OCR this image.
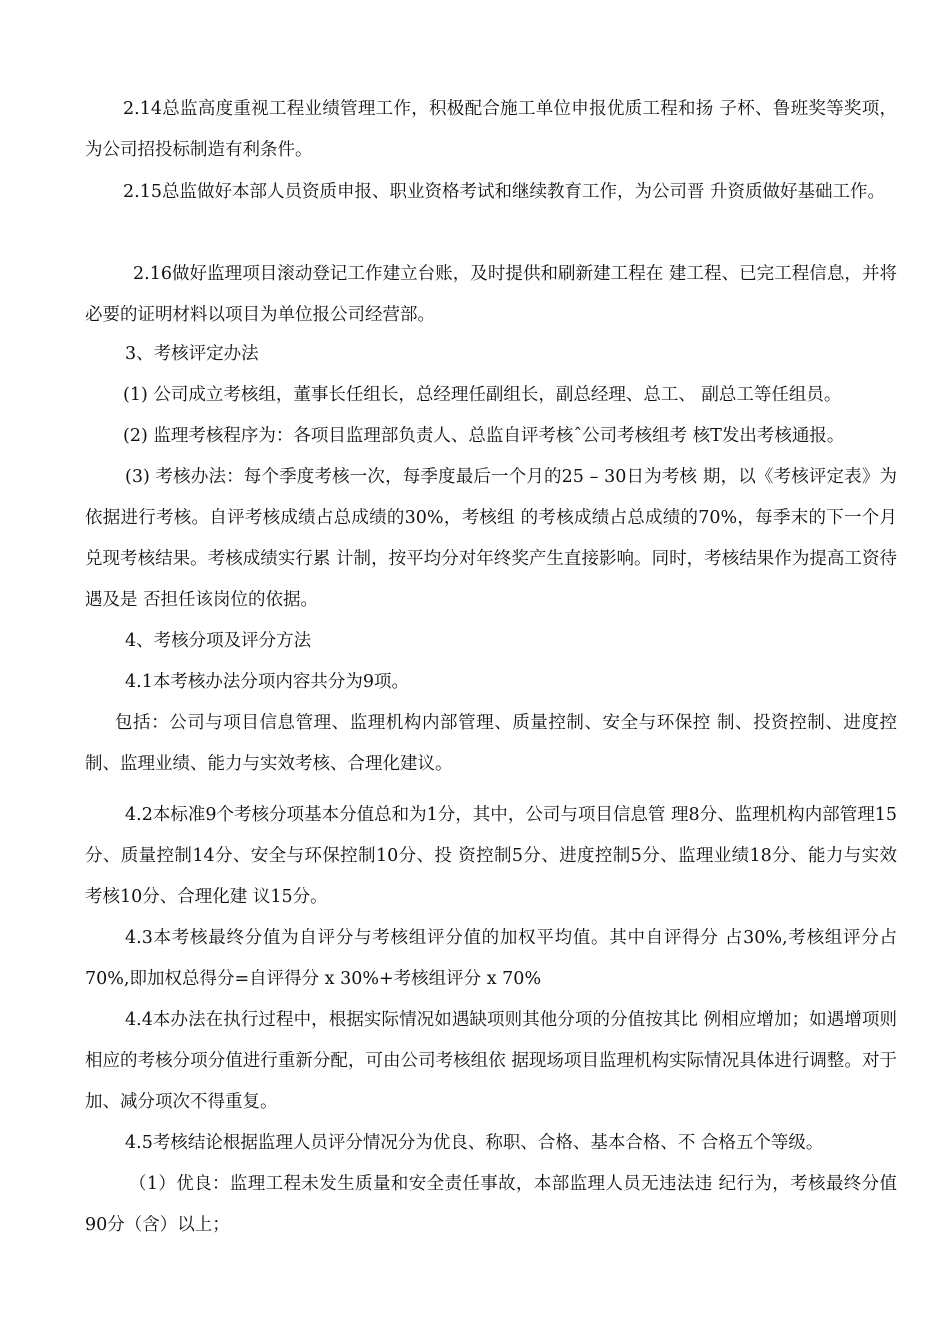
2.14总监高度重视工程业绩管理工作，积极配合施工单位申报优质工程和扬 子杯、鲁班奖等奖项，为公司招投标制造有利条件。

2.15总监做好本部人员资质申报、职业资格考试和继续教育工作，为公司晋 升资质做好基础工作。

2.16做好监理项目滚动登记工作建立台账，及时提供和刷新建工程在 建工程、已完工程信息，并将必要的证明材料以项目为单位报公司经营部。

3、考核评定办法

(1) 公司成立考核组，董事长任组长，总经理任副组长，副总经理、总工、 副总工等任组员。

(2) 监理考核程序为：各项目监理部负责人、总监自评考核ˆ公司考核组考 核T发出考核通报。

(3) 考核办法：每个季度考核一次，每季度最后一个月的25 – 30日为考核 期，以《考核评定表》为依据进行考核。自评考核成绩占总成绩的30%，考核组 的考核成绩占总成绩的70%，每季末的下一个月兑现考核结果。考核成绩实行累 计制，按平均分对年终奖产生直接影响。同时，考核结果作为提高工资待遇及是 否担任该岗位的依据。

4、考核分项及评分方法

4.1本考核办法分项内容共分为9项。

包括：公司与项目信息管理、监理机构内部管理、质量控制、安全与环保控 制、投资控制、进度控制、监理业绩、能力与实效考核、合理化建议。

4.2本标准9个考核分项基本分值总和为1分，其中，公司与项目信息管 理8分、监理机构内部管理15分、质量控制14分、安全与环保控制10分、投 资控制5分、进度控制5分、监理业绩18分、能力与实效考核10分、合理化建 议15分。

4.3本考核最终分值为自评分与考核组评分值的加权平均值。其中自评得分 占30%,考核组评分占70%,即加权总得分=自评得分 x 30%+考核组评分 x 70%

4.4本办法在执行过程中，根据实际情况如遇缺项则其他分项的分值按其比 例相应增加；如遇增项则相应的考核分项分值进行重新分配，可由公司考核组依 据现场项目监理机构实际情况具体进行调整。对于加、减分项次不得重复。

4.5考核结论根据监理人员评分情况分为优良、称职、合格、基本合格、不 合格五个等级。

（1）优良：监理工程未发生质量和安全责任事故，本部监理人员无违法违 纪行为，考核最终分值90分（含）以上；
